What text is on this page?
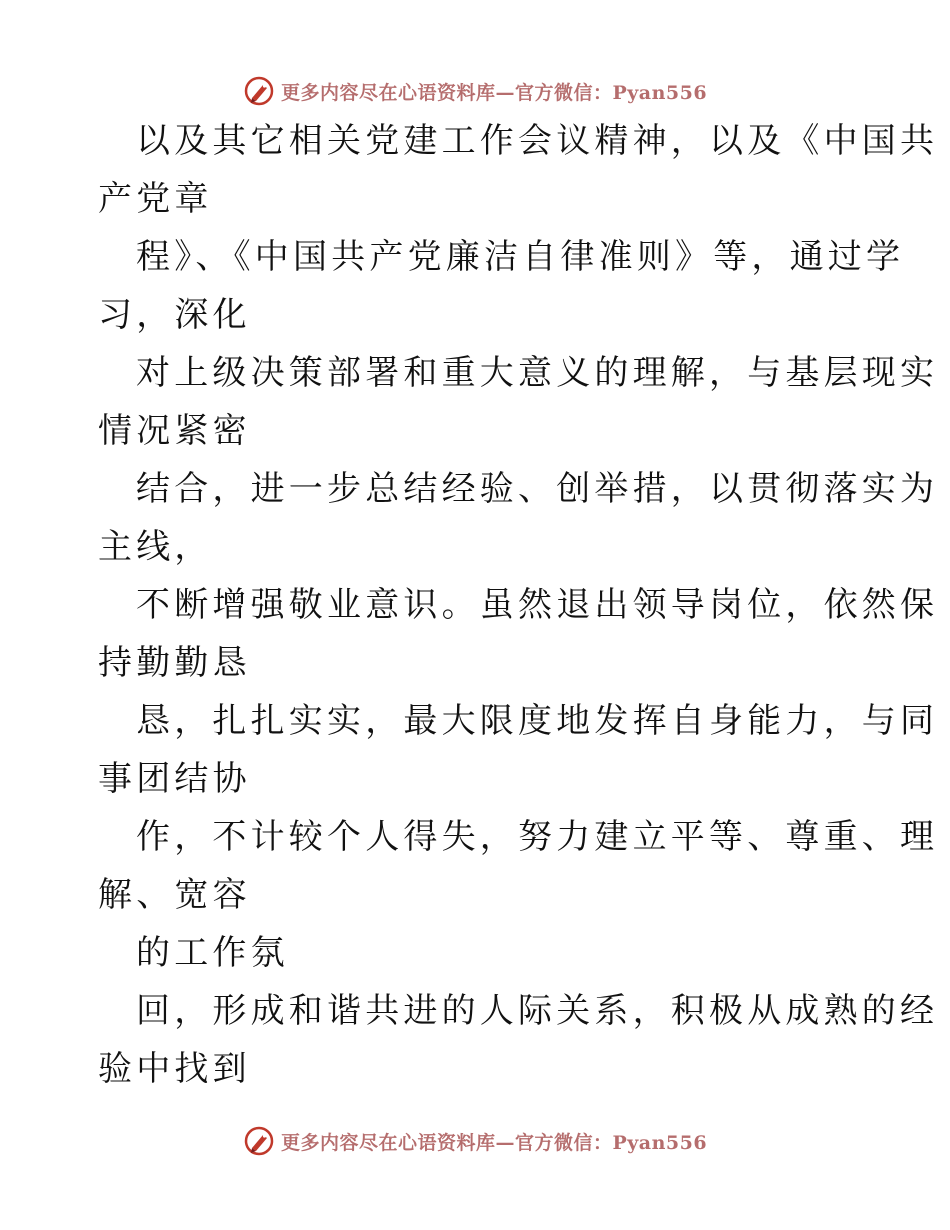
更多内容尽在心语资料库—官方微信：Pyan556
以及其它相关党建工作会议精神，以及《中国共
产党章
程》、《中国共产党廉洁自律准则》等，通过学
习，深化
对上级决策部署和重大意义的理解，与基层现实
情况紧密
结合，进一步总结经验、创举措，以贯彻落实为
主线，
不断增强敬业意识。虽然退出领导岗位，依然保
持勤勤恳
恳，扎扎实实，最大限度地发挥自身能力，与同
事团结协
作，不计较个人得失，努力建立平等、尊重、理
解、宽容
的工作氛
回，形成和谐共进的人际关系，积极从成熟的经
验中找到
更多内容尽在心语资料库—官方微信：Pyan556
